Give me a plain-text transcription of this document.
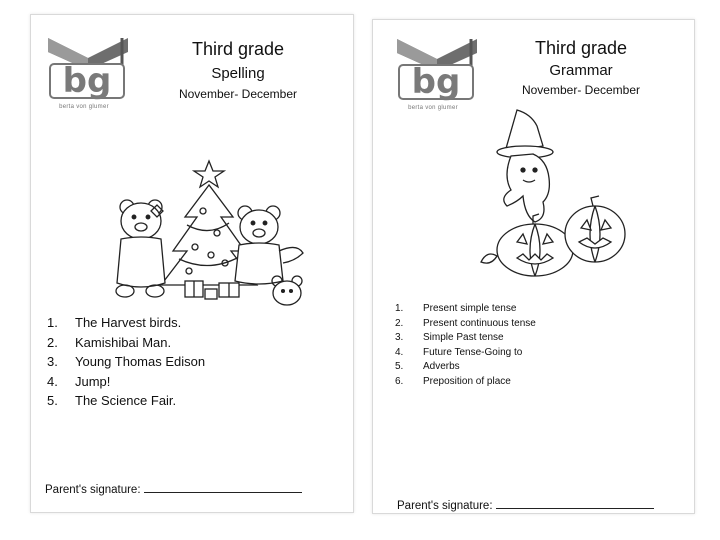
bg
berta von glumer
Third grade
Spelling
November- December
1.	The Harvest birds.
2.	Kamishibai Man.
3.	Young Thomas Edison
4.	Jump!
5.	The Science Fair.
Parent's signature:
bg
berta von glumer
Third grade
Grammar
November- December
1.	Present simple tense
2.	Present continuous tense
3.	Simple Past tense
4.	Future Tense-Going to
5.	Adverbs
6.	Preposition of place
Parent's signature:
